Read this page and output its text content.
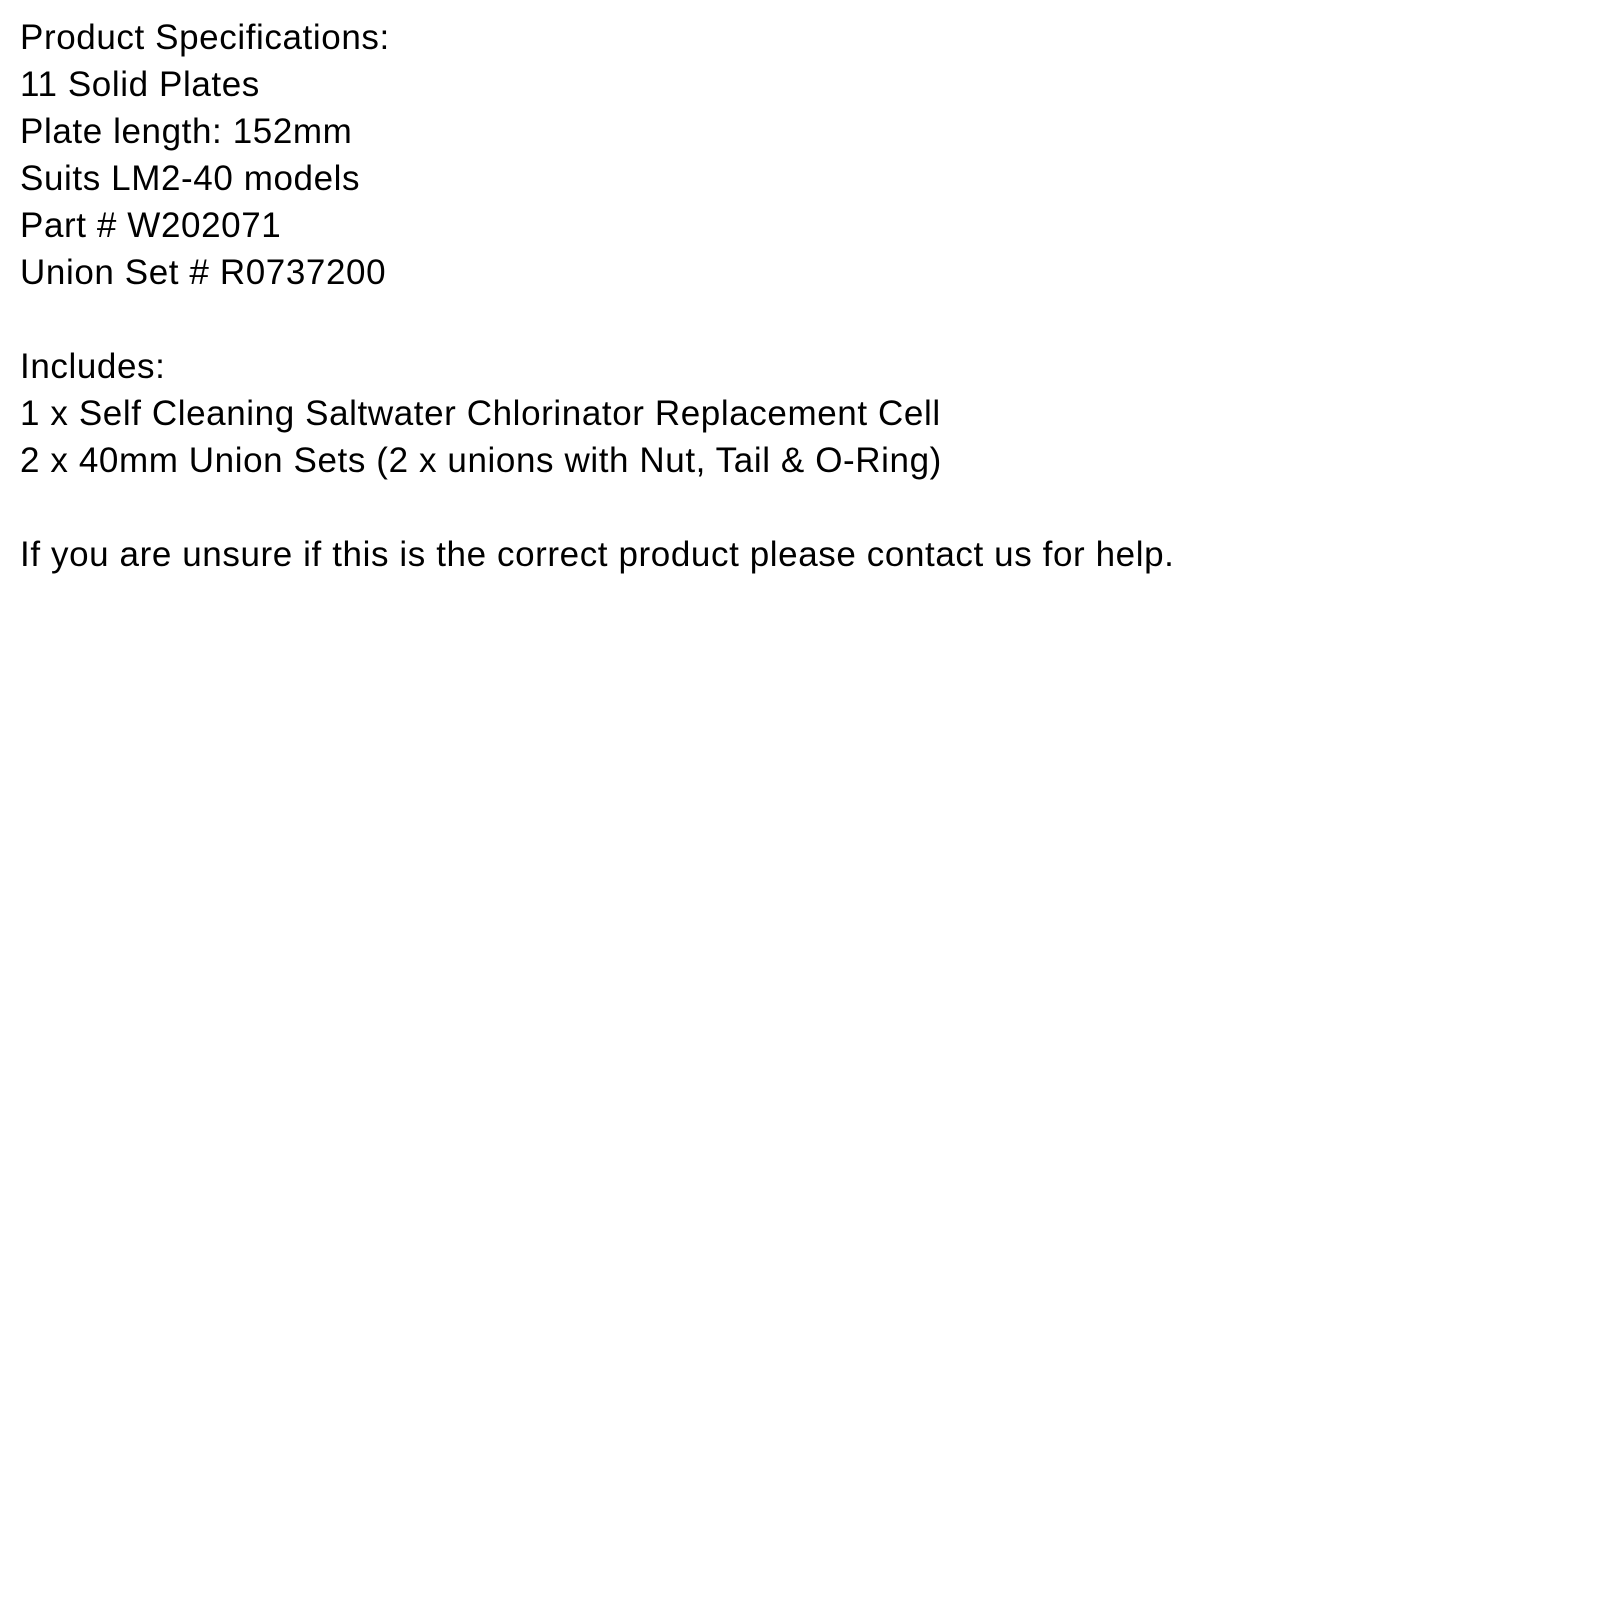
Product Specifications:
11 Solid Plates
Plate length: 152mm
Suits LM2-40 models
Part # W202071
Union Set # R0737200
Includes:
1 x Self Cleaning Saltwater Chlorinator Replacement Cell
2 x 40mm Union Sets (2 x unions with Nut, Tail & O-Ring)
If you are unsure if this is the correct product please contact us for help.
